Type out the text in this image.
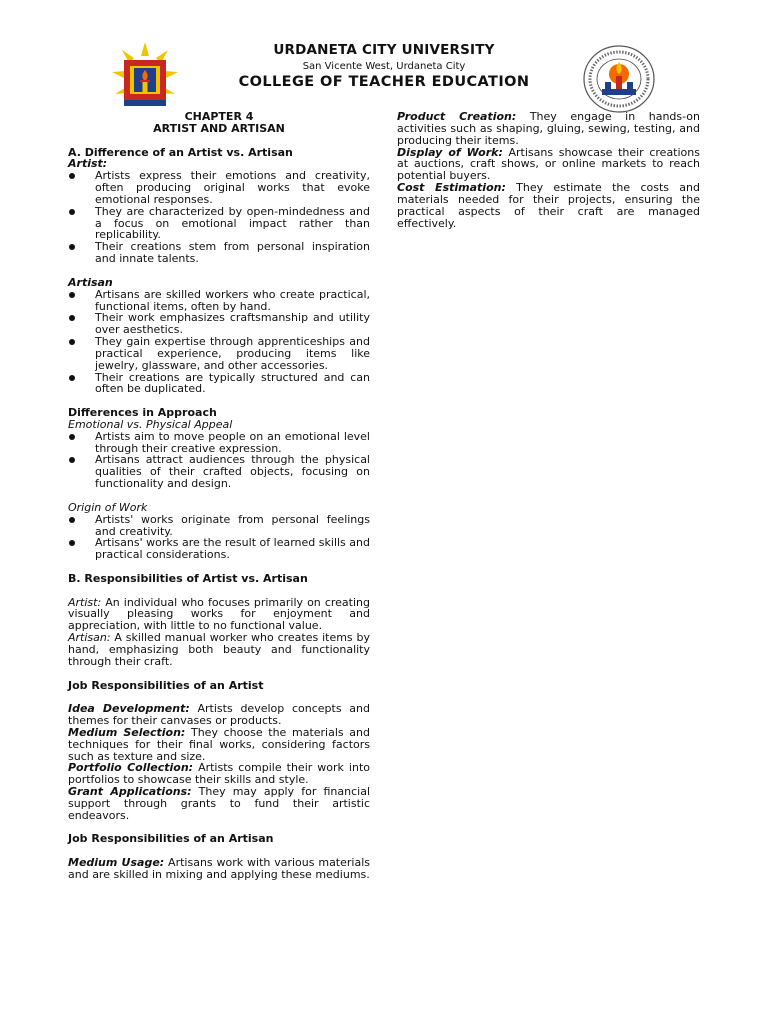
URDANETA CITY UNIVERSITY
San Vicente West, Urdaneta City
COLLEGE OF TEACHER EDUCATION

CHAPTER 4

ARTIST AND ARTISAN

A. Difference of an Artist vs. Artisan

Artist:

Artists express their emotions and creativity, often producing original works that evoke emotional responses.
They are characterized by open-mindedness and a focus on emotional impact rather than replicability.
Their creations stem from personal inspiration and innate talents.

Artisan

Artisans are skilled workers who create practical, functional items, often by hand.
Their work emphasizes craftsmanship and utility over aesthetics.
They gain expertise through apprenticeships and practical experience, producing items like jewelry, glassware, and other accessories.
Their creations are typically structured and can often be duplicated.

Differences in Approach

Emotional vs. Physical Appeal

Artists aim to move people on an emotional level through their creative expression.
Artisans attract audiences through the physical qualities of their crafted objects, focusing on functionality and design.

Origin of Work

Artists' works originate from personal feelings and creativity.
Artisans' works are the result of learned skills and practical considerations.

B. Responsibilities of Artist vs. Artisan

Artist: An individual who focuses primarily on creating visually pleasing works for enjoyment and appreciation, with little to no functional value.

Artisan: A skilled manual worker who creates items by hand, emphasizing both beauty and functionality through their craft.

Job Responsibilities of an Artist

Idea Development: Artists develop concepts and themes for their canvases or products.

Medium Selection: They choose the materials and techniques for their final works, considering factors such as texture and size.

Portfolio Collection: Artists compile their work into portfolios to showcase their skills and style.

Grant Applications: They may apply for financial support through grants to fund their artistic endeavors.

Job Responsibilities of an Artisan

Medium Usage: Artisans work with various materials and are skilled in mixing and applying these mediums.

Product Creation: They engage in hands-on activities such as shaping, gluing, sewing, testing, and producing their items.

Display of Work: Artisans showcase their creations at auctions, craft shows, or online markets to reach potential buyers.

Cost Estimation: They estimate the costs and materials needed for their projects, ensuring the practical aspects of their craft are managed effectively.
